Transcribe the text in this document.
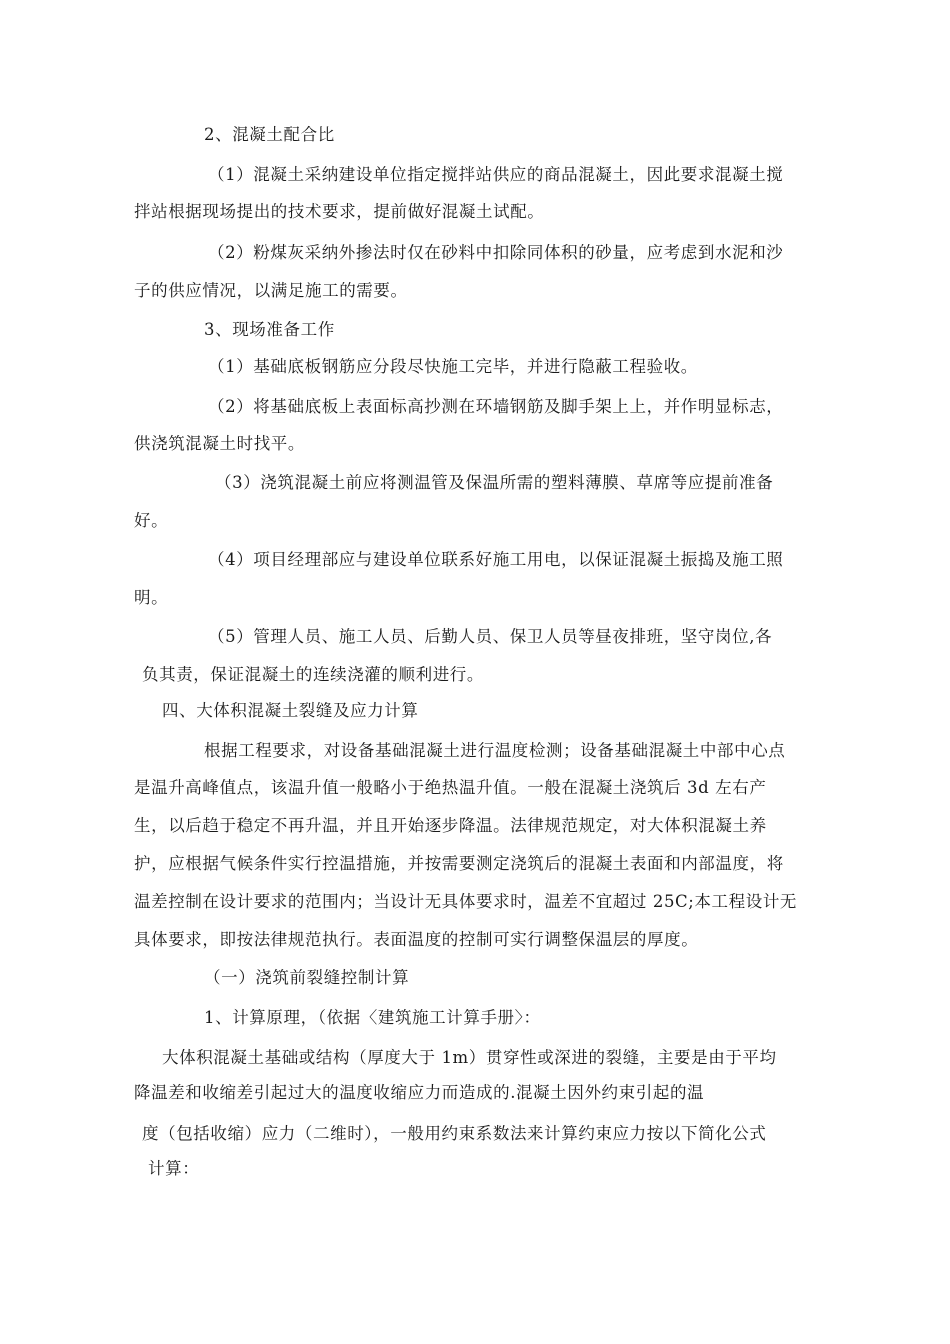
2、混凝土配合比
（1）混凝土采纳建设单位指定搅拌站供应的商品混凝土，因此要求混凝土搅
拌站根据现场提出的技术要求，提前做好混凝土试配。
（2）粉煤灰采纳外掺法时仅在砂料中扣除同体积的砂量，应考虑到水泥和沙
子的供应情况，以满足施工的需要。
3、现场准备工作
（1）基础底板钢筋应分段尽快施工完毕，并进行隐蔽工程验收。
（2）将基础底板上表面标高抄测在环墙钢筋及脚手架上上，并作明显标志，
供浇筑混凝土时找平。
（3）浇筑混凝土前应将测温管及保温所需的塑料薄膜、草席等应提前准备
好。
（4）项目经理部应与建设单位联系好施工用电，以保证混凝土振捣及施工照
明。
（5）管理人员、施工人员、后勤人员、保卫人员等昼夜排班，坚守岗位,各
负其责，保证混凝土的连续浇灌的顺利进行。
四、大体积混凝土裂缝及应力计算
根据工程要求，对设备基础混凝土进行温度检测；设备基础混凝土中部中心点
是温升高峰值点，该温升值一般略小于绝热温升值。一般在混凝土浇筑后 3d 左右产
生，以后趋于稳定不再升温，并且开始逐步降温。法律规范规定，对大体积混凝土养
护，应根据气候条件实行控温措施，并按需要测定浇筑后的混凝土表面和内部温度，将
温差控制在设计要求的范围内；当设计无具体要求时，温差不宜超过 25C;本工程设计无
具体要求，即按法律规范执行。表面温度的控制可实行调整保温层的厚度。
（一）浇筑前裂缝控制计算
1、计算原理，（依据〈建筑施工计算手册〉：
大体积混凝土基础或结构（厚度大于 1m）贯穿性或深进的裂缝，主要是由于平均
降温差和收缩差引起过大的温度收缩应力而造成的.混凝土因外约束引起的温
度（包括收缩）应力（二维时），一般用约束系数法来计算约束应力按以下简化公式
计算：
